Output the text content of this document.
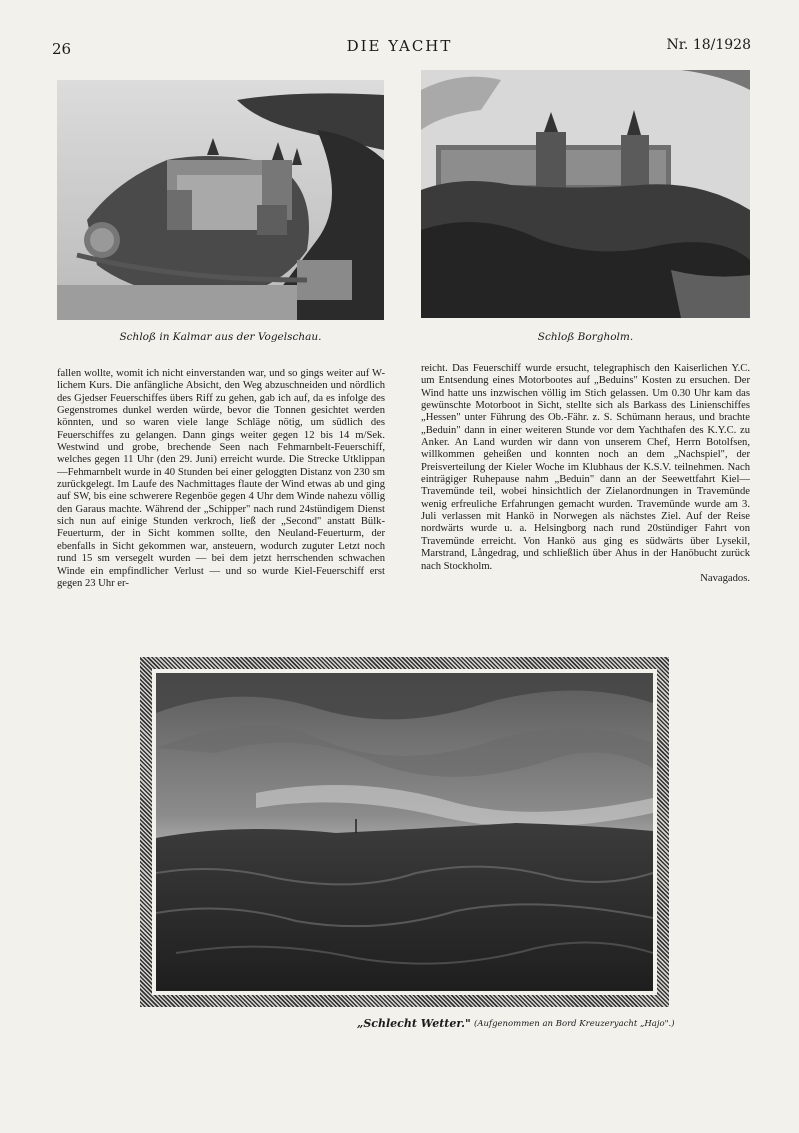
26	DIE YACHT	Nr. 18/1928
Schloß in Kalmar aus der Vogelschau.	Schloß Borgholm.

fallen wollte, womit ich nicht einverstanden war, und so gings weiter auf W-lichem Kurs. Die anfängliche Absicht, den Weg abzuschneiden und nördlich des Gjedser Feuerschiffes übers Riff zu gehen, gab ich auf, da es infolge des Gegenstromes dunkel werden würde, bevor die Tonnen gesichtet werden könnten, und so waren viele lange Schläge nötig, um südlich des Feuerschiffes zu gelangen. Dann gings weiter gegen 12 bis 14 m/Sek. Westwind und grobe, brechende Seen nach Fehmarnbelt-Feuerschiff, welches gegen 11 Uhr (den 29. Juni) erreicht wurde. Die Strecke Utklippan—Fehmarnbelt wurde in 40 Stunden bei einer geloggten Distanz von 230 sm zurückgelegt. Im Laufe des Nachmittages flaute der Wind etwas ab und ging auf SW, bis eine schwerere Regenböe gegen 4 Uhr dem Winde nahezu völlig den Garaus machte. Während der „Schipper" nach rund 24stündigem Dienst sich nun auf einige Stunden verkroch, ließ der „Second" anstatt Bülk-Feuerturm, der in Sicht kommen sollte, den Neuland-Feuerturm, der ebenfalls in Sicht gekommen war, ansteuern, wodurch zuguter Letzt noch rund 15 sm versegelt wurden — bei dem jetzt herrschenden schwachen Winde ein empfindlicher Verlust — und so wurde Kiel-Feuerschiff erst gegen 23 Uhr er-

reicht. Das Feuerschiff wurde ersucht, telegraphisch den Kaiserlichen Y.C. um Entsendung eines Motorbootes auf „Beduins" Kosten zu ersuchen. Der Wind hatte uns inzwischen völlig im Stich gelassen. Um 0.30 Uhr kam das gewünschte Motorboot in Sicht, stellte sich als Barkass des Linienschiffes „Hessen" unter Führung des Ob.-Fähr. z. S. Schümann heraus, und brachte „Beduin" dann in einer weiteren Stunde vor dem Yachthafen des K.Y.C. zu Anker. An Land wurden wir dann von unserem Chef, Herrn Botolfsen, willkommen geheißen und konnten noch an dem „Nachspiel", der Preisverteilung der Kieler Woche im Klubhaus der K.S.V. teilnehmen. Nach einträgiger Ruhepause nahm „Beduin" dann an der Seewettfahrt Kiel—Travemünde teil, wobei hinsichtlich der Zielanordnungen in Travemünde wenig erfreuliche Erfahrungen gemacht wurden. Travemünde wurde am 3. Juli verlassen mit Hankö in Norwegen als nächstes Ziel. Auf der Reise nordwärts wurde u. a. Helsingborg nach rund 20stündiger Fahrt von Travemünde erreicht. Von Hankö aus ging es südwärts über Lysekil, Marstrand, Långedrag, und schließlich über Ahus in der Hanöbucht zurück nach Stockholm.

Navagados.

„Schlecht Wetter." (Aufgenommen an Bord Kreuzeryacht „Hajo".)
